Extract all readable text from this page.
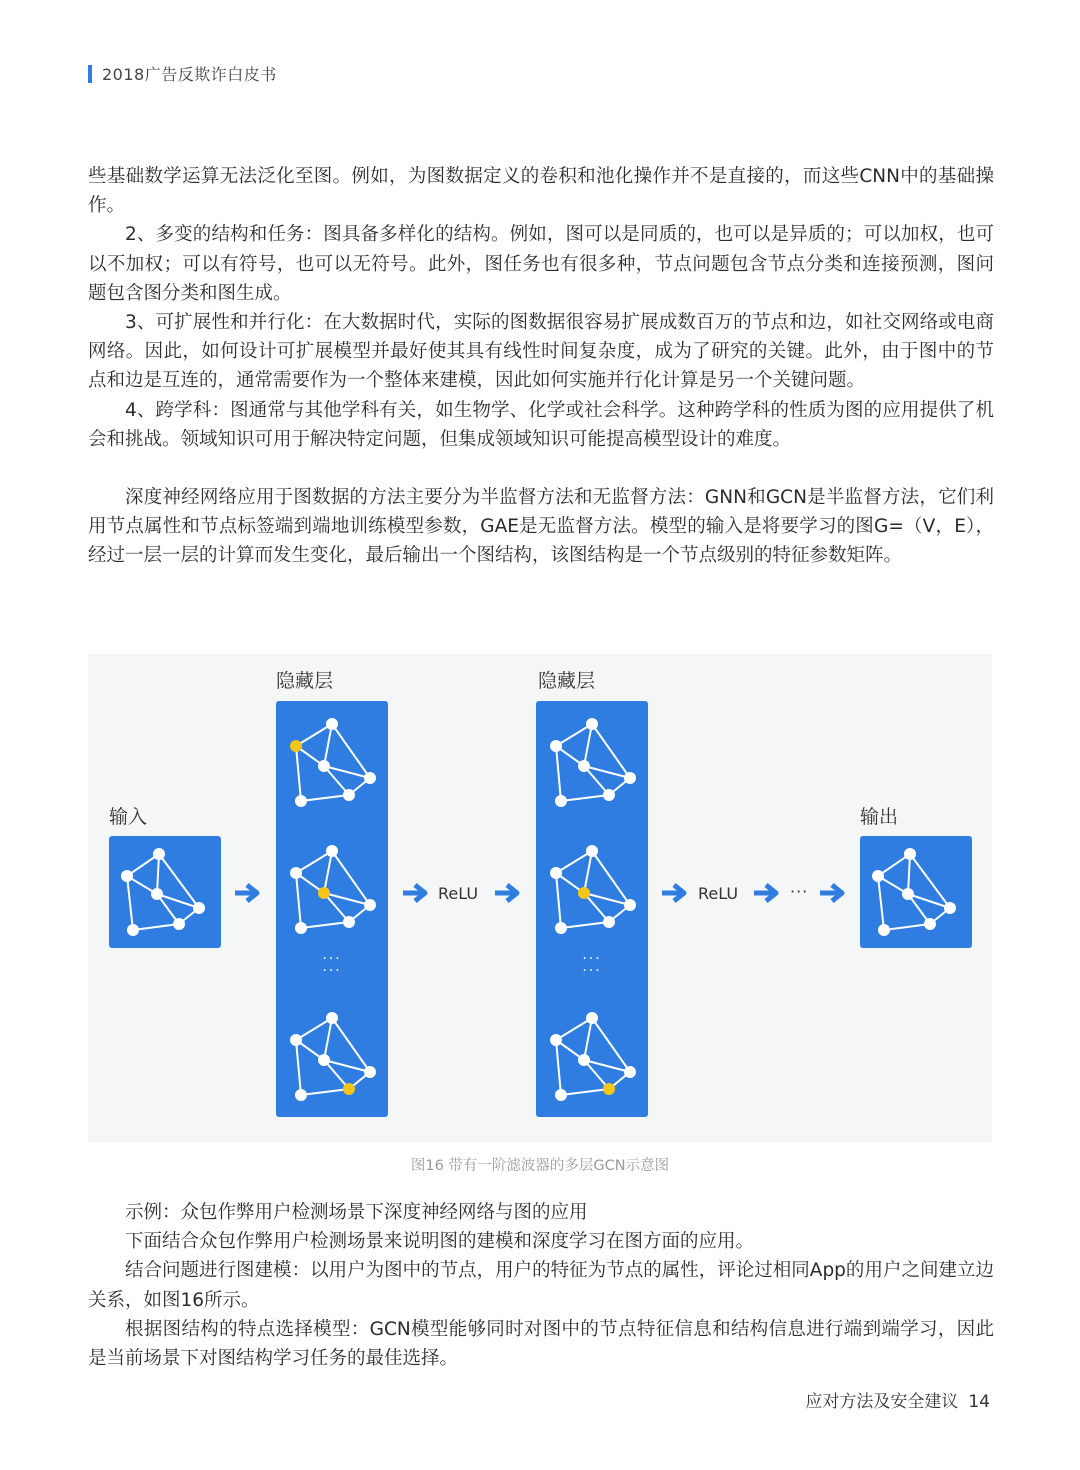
2018广告反欺诈白皮书

些基础数学运算无法泛化至图。例如，为图数据定义的卷积和池化操作并不是直接的，而这些CNN中的基础操作。

2、多变的结构和任务：图具备多样化的结构。例如，图可以是同质的，也可以是异质的；可以加权，也可以不加权；可以有符号，也可以无符号。此外，图任务也有很多种，节点问题包含节点分类和连接预测，图问题包含图分类和图生成。

3、可扩展性和并行化：在大数据时代，实际的图数据很容易扩展成数百万的节点和边，如社交网络或电商网络。因此，如何设计可扩展模型并最好使其具有线性时间复杂度，成为了研究的关键。此外，由于图中的节点和边是互连的，通常需要作为一个整体来建模，因此如何实施并行化计算是另一个关键问题。

4、跨学科：图通常与其他学科有关，如生物学、化学或社会科学。这种跨学科的性质为图的应用提供了机会和挑战。领域知识可用于解决特定问题，但集成领域知识可能提高模型设计的难度。

深度神经网络应用于图数据的方法主要分为半监督方法和无监督方法：GNN和GCN是半监督方法，它们利用节点属性和节点标签端到端地训练模型参数，GAE是无监督方法。模型的输入是将要学习的图G=（V，E），经过一层一层的计算而发生变化，最后输出一个图结构，该图结构是一个节点级别的特征参数矩阵。

隐藏层	隐藏层
输入	输出
···
···
···
···
ReLU	ReLU	···
图16 带有一阶滤波器的多层GCN示意图

示例：众包作弊用户检测场景下深度神经网络与图的应用

下面结合众包作弊用户检测场景来说明图的建模和深度学习在图方面的应用。

结合问题进行图建模：以用户为图中的节点，用户的特征为节点的属性，评论过相同App的用户之间建立边关系，如图16所示。

根据图结构的特点选择模型：GCN模型能够同时对图中的节点特征信息和结构信息进行端到端学习，因此是当前场景下对图结构学习任务的最佳选择。

应对方法及安全建议 14
